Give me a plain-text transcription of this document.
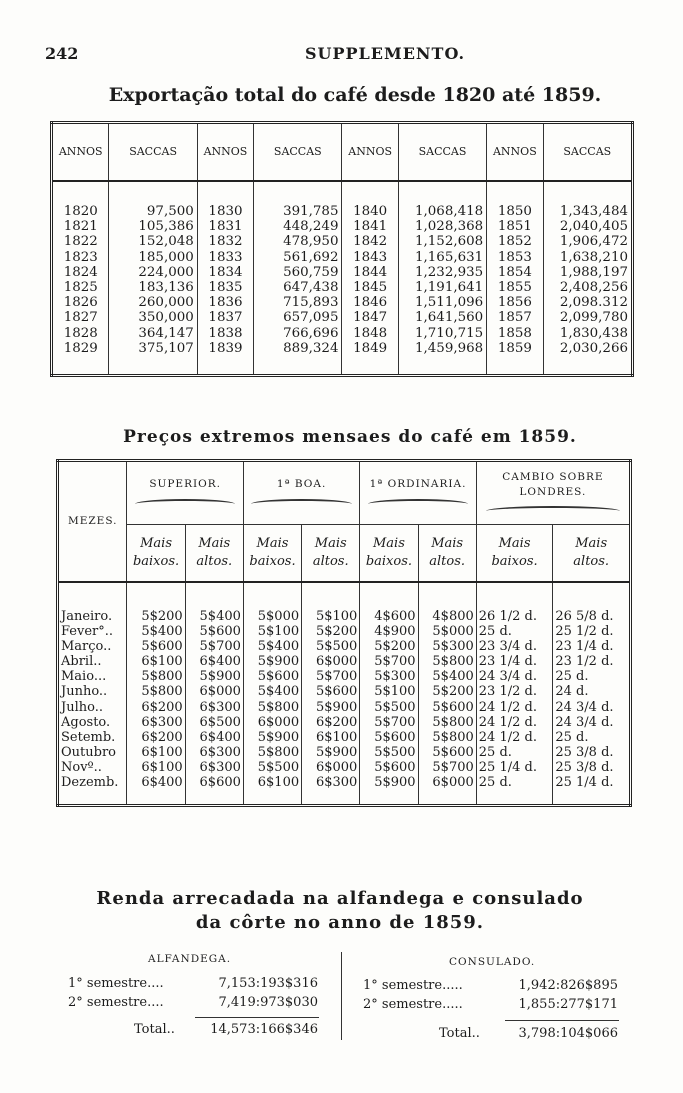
242	SUPPLEMENTO.
Exportação total do café desde 1820 até 1859.
ANNOS	SACCAS	ANNOS	SACCAS	ANNOS	SACCAS	ANNOS	SACCAS

1820	97,500	1830	391,785	1840	1,068,418	1850	1,343,484
1821	105,386	1831	448,249	1841	1,028,368	1851	2,040,405
1822	152,048	1832	478,950	1842	1,152,608	1852	1,906,472
1823	185,000	1833	561,692	1843	1,165,631	1853	1,638,210
1824	224,000	1834	560,759	1844	1,232,935	1854	1,988,197
1825	183,136	1835	647,438	1845	1,191,641	1855	2,408,256
1826	260,000	1836	715,893	1846	1,511,096	1856	2,098.312
1827	350,000	1837	657,095	1847	1,641,560	1857	2,099,780
1828	364,147	1838	766,696	1848	1,710,715	1858	1,830,438
1829	375,107	1839	889,324	1849	1,459,968	1859	2,030,266
Preços extremos mensaes do café em 1859.
MEZES.	SUPERIOR.		1ª BOA.		1ª ORDINARIA.		CAMBIO SOBRE LONDRES.	

	Mais baixos.	Mais altos.	Mais baixos.	Mais altos.	Mais baixos.	Mais altos.	Mais baixos.	Mais altos.

Janeiro.	5$200	5$400	5$000	5$100	4$600	4$800	26 1/2 d.	26 5/8 d.
Fever°..	5$400	5$600	5$100	5$200	4$900	5$000	25 d.	25 1/2 d.
Março..	5$600	5$700	5$400	5$500	5$200	5$300	23 3/4 d.	23 1/4 d.
Abril..	6$100	6$400	5$900	6$000	5$700	5$800	23 1/4 d.	23 1/2 d.
Maio...	5$800	5$900	5$600	5$700	5$300	5$400	24 3/4 d.	25 d.
Junho..	5$800	6$000	5$400	5$600	5$100	5$200	23 1/2 d.	24 d.
Julho..	6$200	6$300	5$800	5$900	5$500	5$600	24 1/2 d.	24 3/4 d.
Agosto.	6$300	6$500	6$000	6$200	5$700	5$800	24 1/2 d.	24 3/4 d.
Setemb.	6$200	6$400	5$900	6$100	5$600	5$800	24 1/2 d.	25 d.
Outubro	6$100	6$300	5$800	5$900	5$500	5$600	25 d.	25 3/8 d.
Novº..	6$100	6$300	5$500	6$000	5$600	5$700	25 1/4 d.	25 3/8 d.
Dezemb.	6$400	6$600	6$100	6$300	5$900	6$000	25 d.	25 1/4 d.
Renda arrecadada na alfandega e consulado
da côrte no anno de 1859.
ALFANDEGA.
1° semestre....	7,153:193$316
2° semestre....	7,419:973$030
Total..	14,573:166$346
CONSULADO.
1° semestre.....	1,942:826$895
2° semestre.....	1,855:277$171
Total..	3,798:104$066
